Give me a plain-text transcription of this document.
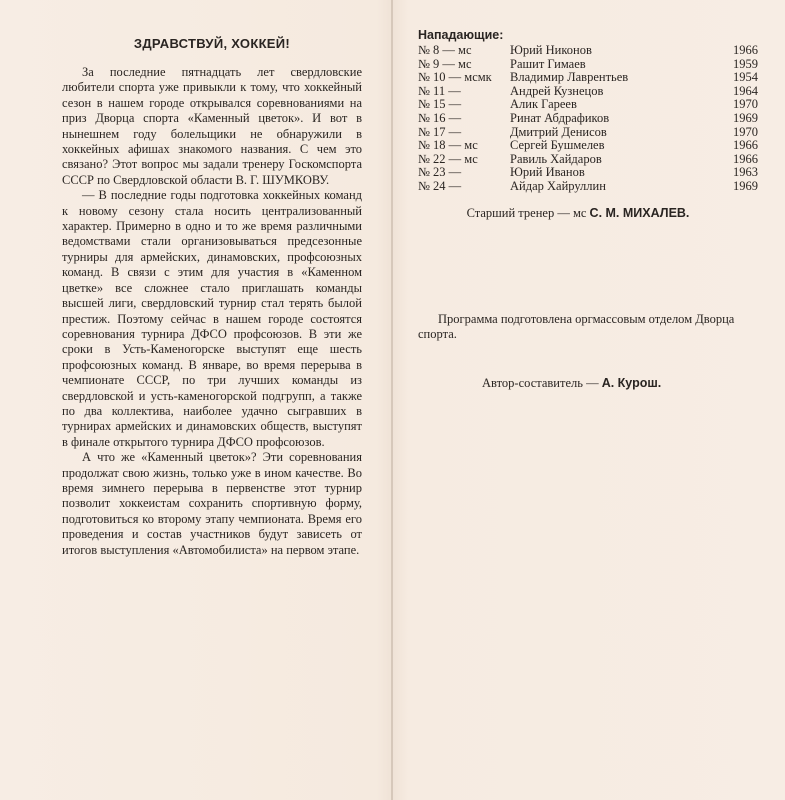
ЗДРАВСТВУЙ, ХОККЕЙ!

За последние пятнадцать лет свердловские любители спорта уже привыкли к тому, что хоккейный сезон в нашем городе открывался соревнованиями на приз Дворца спорта «Каменный цветок». И вот в нынешнем году болельщики не обнаружили в хоккейных афишах знакомого названия. С чем это связано? Этот вопрос мы задали тренеру Госкомспорта СССР по Свердловской области В. Г. ШУМКОВУ.

— В последние годы подготовка хоккейных команд к новому сезону стала носить централизованный характер. Примерно в одно и то же время различными ведомствами стали организовываться предсезонные турниры для армейских, динамовских, профсоюзных команд. В связи с этим для участия в «Каменном цветке» все сложнее стало приглашать команды высшей лиги, свердловский турнир стал терять былой престиж. Поэтому сейчас в нашем городе состоятся соревнования турнира ДФСО профсоюзов. В эти же сроки в Усть-Каменогорске выступят еще шесть профсоюзных команд. В январе, во время перерыва в чемпионате СССР, по три лучших команды из свердловской и усть-каменогорской подгрупп, а также по два коллектива, наиболее удачно сыгравших в турнирах армейских и динамовских обществ, выступят в финале открытого турнира ДФСО профсоюзов.

А что же «Каменный цветок»? Эти соревнования продолжат свою жизнь, только уже в ином качестве. Во время зимнего перерыва в первенстве этот турнир позволит хоккеистам сохранить спортивную форму, подготовиться ко второму этапу чемпионата. Время его проведения и состав участников будут зависеть от итогов выступления «Автомобилиста» на первом этапе.

Нападающие:
№ 8 — мс	Юрий Никонов	1966
№ 9 — мс	Рашит Гимаев	1959
№ 10 — мсмк	Владимир Лаврентьев	1954
№ 11 —	Андрей Кузнецов	1964
№ 15 —	Алик Гареев	1970
№ 16 —	Ринат Абдрафиков	1969
№ 17 —	Дмитрий Денисов	1970
№ 18 — мс	Сергей Бушмелев	1966
№ 22 — мс	Равиль Хайдаров	1966
№ 23 —	Юрий Иванов	1963
№ 24 —	Айдар Хайруллин	1969
Старший тренер — мс С. М. МИХАЛЕВ.

Программа подготовлена оргмассовым отделом Дворца спорта.

Автор-составитель — А. Курош.
